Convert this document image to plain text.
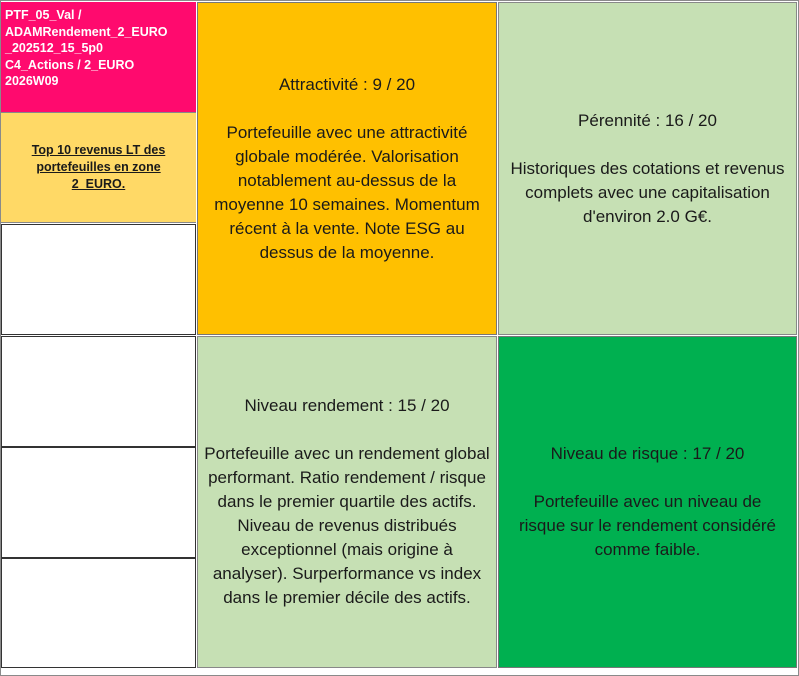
PTF_05_Val /
ADAMRendement_2_EURO
_202512_15_5p0
C4_Actions / 2_EURO
2026W09
Top 10 revenus LT des portefeuilles en zone 2_EURO.
Attractivité : 9 / 20
Portefeuille avec une attractivité globale modérée. Valorisation notablement au-dessus de la moyenne 10 semaines. Momentum récent à la vente. Note ESG au dessus de la moyenne.
Pérennité : 16 / 20
Historiques des cotations et revenus complets avec une capitalisation d'environ 2.0 G€.
Niveau rendement : 15 / 20
Portefeuille avec un rendement global performant. Ratio rendement / risque dans le premier quartile des actifs. Niveau de revenus distribués exceptionnel (mais origine à analyser). Surperformance vs index dans le premier décile des actifs.
Niveau de risque : 17 / 20
Portefeuille avec un niveau de risque sur le rendement considéré comme faible.
